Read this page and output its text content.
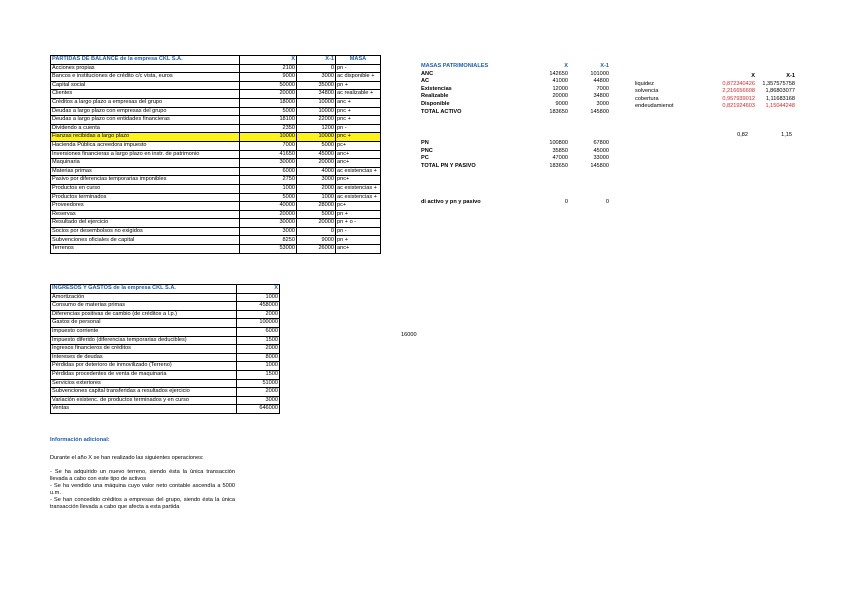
PARTIDAS DE BALANCE de la empresa CKL S.A.	X	X-1	MASA
Acciones propias	2100	0	pn -
Bancos e instituciones de crédito c/c vista, euros	9000	3000	ac disponible +
Capital social	50000	35000	pn +
Clientes	20000	34800	ac realizable +
Créditos a largo plazo a empresas del grupo	18000	10000	anc +
Deudas a largo plazo con empresas del grupo	5000	10000	pnc +
Deudas a largo plazo con entidades financieras	18100	22000	pnc +
Dividendo a cuenta	2350	1200	pn -
Fianzas recibidas a largo plazo	10000	10000	pnc +
Hacienda Pública acreedora impuesto	7000	5000	pc+
Inversiones financieras a largo plazo en instr. de patrimonio	41650	45000	anc+
Maquinaria	30000	20000	anc+
Materias primas	6000	4000	ac existencias +
Pasivo por diferencias temporarias imponibles	2750	3000	pnc+
Productos en curso	1000	2000	ac existencias +
Productos terminados	5000	1000	ac existencias +
Proveedores	40000	28000	pc+
Reservas	20000	5000	pn +
Resultado del ejercicio	30000	20000	pn + o -
Socios por desembolsos no exigidos	3000	0	pn -
Subvenciones oficiales de capital	8250	9000	pn +
Terrenos	53000	26000	anc+
MASAS PATRIMONIALES	X	X-1
ANC	142650	101000
AC	41000	44800
Existencias	12000	7000
Realizable	20000	34800
Disponible	9000	3000
TOTAL ACTIVO	183650	145800
PN	100800	67800
PNC	35850	45000
PC	47000	33000
TOTAL PN Y PASIVO	183650	145800
di activo y pn y pasivo	0	0
	X	X-1
liquidez	0,872340426	1,357575758
solvencia	2,216656608	1,86803077
cobertura	0,957939012	1,11683168
endeudamienot	0,821924603	1,15044248
0,82	1,15
INGRESOS Y GASTOS de la empresa CKL S.A.	X
Amortización	1000
Consumo de materias primas	458000
Diferencias positivas de cambio (de créditos a l.p.)	2000
Gastos de personal	100000
Impuesto corriente	6000
Impuesto diferido (diferencias temporarias deducibles)	1500
Ingresos financieros de créditos	2000
Intereses de deudas	8000
Pérdidas por deterioro de inmovilizado (Terreno)	1000
Pérdidas procedentes de venta de maquinaria	1500
Servicios exteriores	51000
Subvenciones capital transferidas a resultados ejercicio	2000
Variación existenc. de productos terminados y en curso	3000
Ventas	646000
16000
Información adicional:

Durante el año X se han realizado las siguientes operaciones:

- Se ha adquirido un nuevo terreno, siendo ésta la única transacción llevada a cabo con este tipo de activos
- Se ha vendido una máquina cuyo valor neto contable ascendía a 5000 u.m.
- Se han concedido créditos a empresas del grupo, siendo ésta la única transacción llevada a cabo que afecta a esta partida
